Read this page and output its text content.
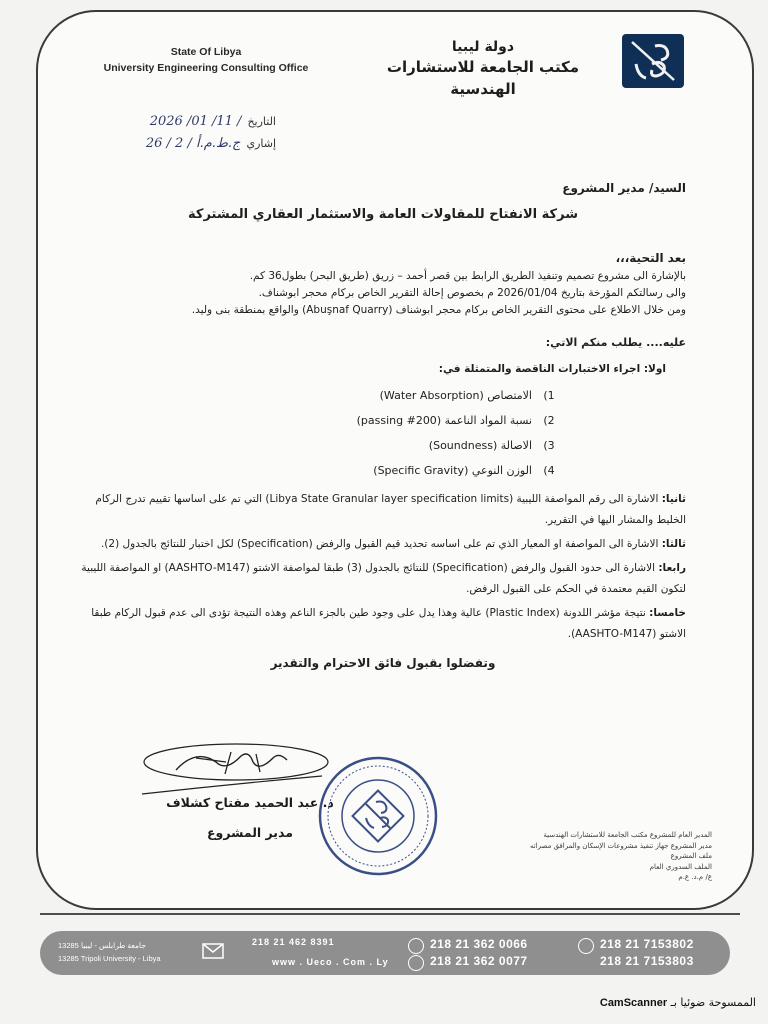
State Of Libya
University Engineering Consulting Office
دولة ليبيا
مكتب الجامعة للاستشارات الهندسية
التاريخ
2026 /01 /11 /
إشاري
26 / 2 / ج.ط.م.أ

السيد/ مدير المشروع

شركة الانفتاح للمقاولات العامة والاستثمار العقاري المشتركة

بعد التحية،،،

بالإشارة الى مشروع تصميم وتنفيذ الطريق الرابط بين قصر أحمد – زريق (طريق البحر) بطول36 كم.

والى رسالتكم المؤرخة بتاريخ 2026/01/04 م بخصوص إحالة التقرير الخاص بركام محجر ابوشناف.

ومن خلال الاطلاع على محتوى التقرير الخاص بركام محجر ابوشناف (Abuşnaf Quarry) والواقع بمنطقة بنى وليد.

عليه.... يطلب منكم الاتي:

اولا: اجراء الاختبارات الناقصة والمتمثلة في:

1)
الامتصاص (Water Absorption)
2)
نسبة المواد الناعمة (passing #200)
3)
الاصالة (Soundness)
4)
الوزن النوعي (Specific Gravity)

ثانيا: الاشارة الى رقم المواصفة الليبية (Libya State Granular layer specification limits) التي تم على اساسها تقييم تدرج الركام الخليط والمشار اليها في التقرير.

ثالثا: الاشارة الى المواصفة او المعيار الذي تم على اساسه تحديد قيم القبول والرفض (Specification) لكل اختبار للنتائج بالجدول (2).

رابعا: الاشارة الى حدود القبول والرفض (Specification) للنتائج بالجدول (3) طبقا لمواصفة الاشتو (AASHTO-M147) او المواصفة الليبية لتكون القيم معتمدة في الحكم على القبول الرفض.

خامسا: نتيجة مؤشر اللدونة (Plastic Index) عالية وهذا يدل على وجود طين بالجزء الناعم وهذه النتيجة تؤدى الى عدم قبول الركام طبقا الاشتو (AASHTO-M147).

وتفضلوا بقبول فائق الاحترام والتقدير

د. عبد الحميد مفتاح كشلاف
مدير المشروع	المدير العام للمشروع مكتب الجامعة للاستشارات الهندسية
مدير المشروع جهاز تنفيذ مشروعات الإسكان والمرافق مصراته
ملف المشروع
الملف السدوري العام
ع/ م.د. ع.م
13285 جامعة طرابلس - ليبيا
13285 Tripoli University - Libya
218 21 462 8391
www . Ueco . Com . Ly
218 21 362 0066
218 21 362 0077
218 21 7153802
218 21 7153803
الممسوحة ضوئيا بـ CamScanner
